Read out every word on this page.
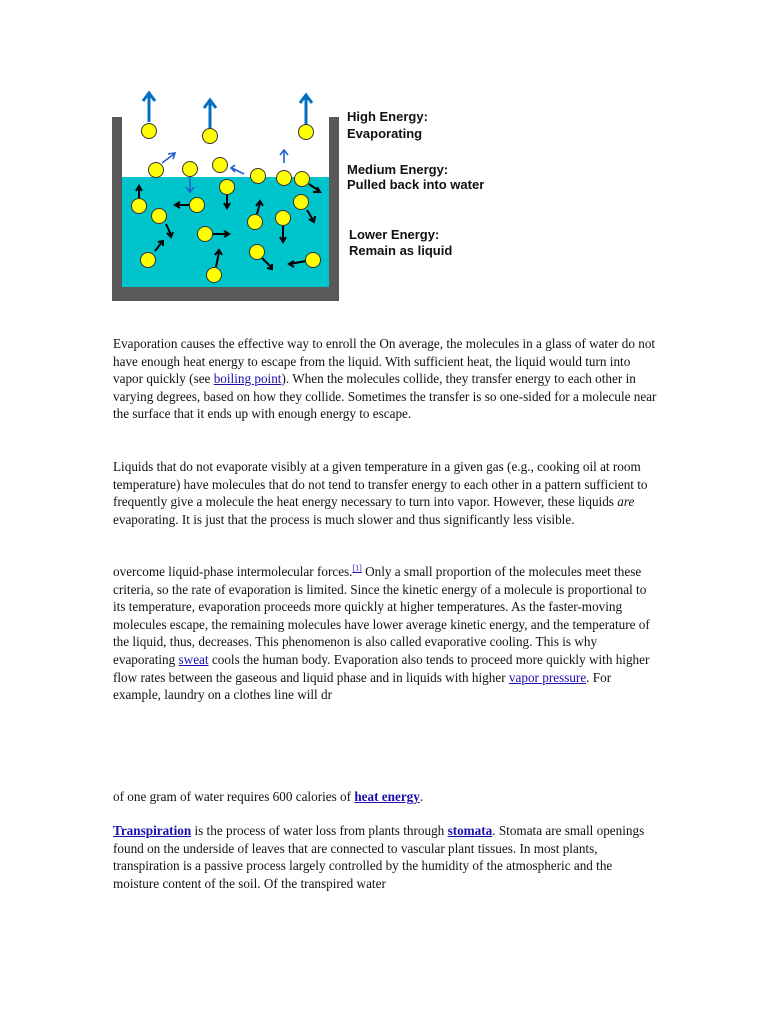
High Energy:
Evaporating
Medium Energy:
Pulled back into water
Lower Energy:
Remain as liquid

Evaporation causes the effective way to enroll the On average, the molecules in a glass of water do not have enough heat energy to escape from the liquid. With sufficient heat, the liquid would turn into vapor quickly (see boiling point). When the molecules collide, they transfer energy to each other in varying degrees, based on how they collide. Sometimes the transfer is so one-sided for a molecule near the surface that it ends up with enough energy to escape.

Liquids that do not evaporate visibly at a given temperature in a given gas (e.g., cooking oil at room temperature) have molecules that do not tend to transfer energy to each other in a pattern sufficient to frequently give a molecule the heat energy necessary to turn into vapor. However, these liquids are evaporating. It is just that the process is much slower and thus significantly less visible.

overcome liquid-phase intermolecular forces.[1] Only a small proportion of the molecules meet these criteria, so the rate of evaporation is limited. Since the kinetic energy of a molecule is proportional to its temperature, evaporation proceeds more quickly at higher temperatures. As the faster-moving molecules escape, the remaining molecules have lower average kinetic energy, and the temperature of the liquid, thus, decreases. This phenomenon is also called evaporative cooling. This is why evaporating sweat cools the human body. Evaporation also tends to proceed more quickly with higher flow rates between the gaseous and liquid phase and in liquids with higher vapor pressure. For example, laundry on a clothes line will dr

of one gram of water requires 600 calories of heat energy.

Transpiration is the process of water loss from plants through stomata. Stomata are small openings found on the underside of leaves that are connected to vascular plant tissues. In most plants, transpiration is a passive process largely controlled by the humidity of the atmospheric and the moisture content of the soil. Of the transpired water
